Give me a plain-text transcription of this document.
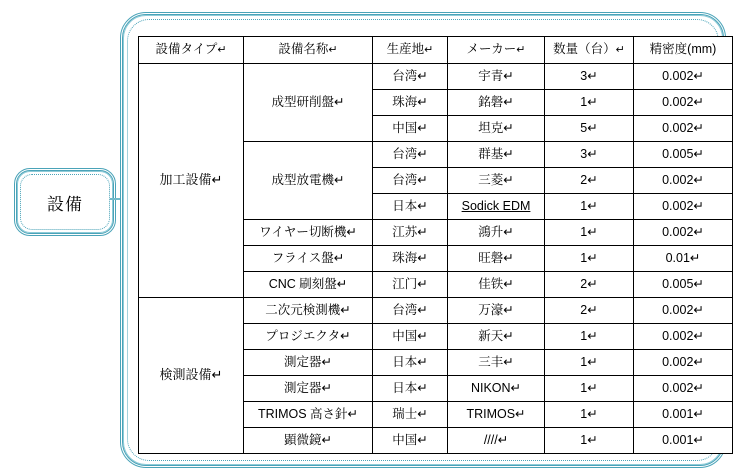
設備
設備タイプ↵	設備名称↵	生産地↵	メーカー↵	数量（台）↵	精密度(mm)
加工設備↵	成型研削盤↵	台湾↵	宇青↵	3↵	0.002↵
		珠海↵	銘磐↵	1↵	0.002↵
		中国↵	坦克↵	5↵	0.002↵
	成型放電機↵	台湾↵	群基↵	3↵	0.005↵
		台湾↵	三菱↵	2↵	0.002↵
		日本↵	Sodick EDM	1↵	0.002↵
	ワイヤー切断機↵	江苏↵	鴻升↵	1↵	0.002↵
	フライス盤↵	珠海↵	旺磐↵	1↵	0.01↵
	CNC 刷刻盤↵	江门↵	佳铁↵	2↵	0.005↵
検測設備↵	二次元検測機↵	台湾↵	万濠↵	2↵	0.002↵
	プロジエクタ↵	中国↵	新天↵	1↵	0.002↵
	測定器↵	日本↵	三丰↵	1↵	0.002↵
	測定器↵	日本↵	NIKON↵	1↵	0.002↵
	TRIMOS 高さ針↵	瑞士↵	TRIMOS↵	1↵	0.001↵
	顕微鏡↵	中国↵	////↵	1↵	0.001↵
